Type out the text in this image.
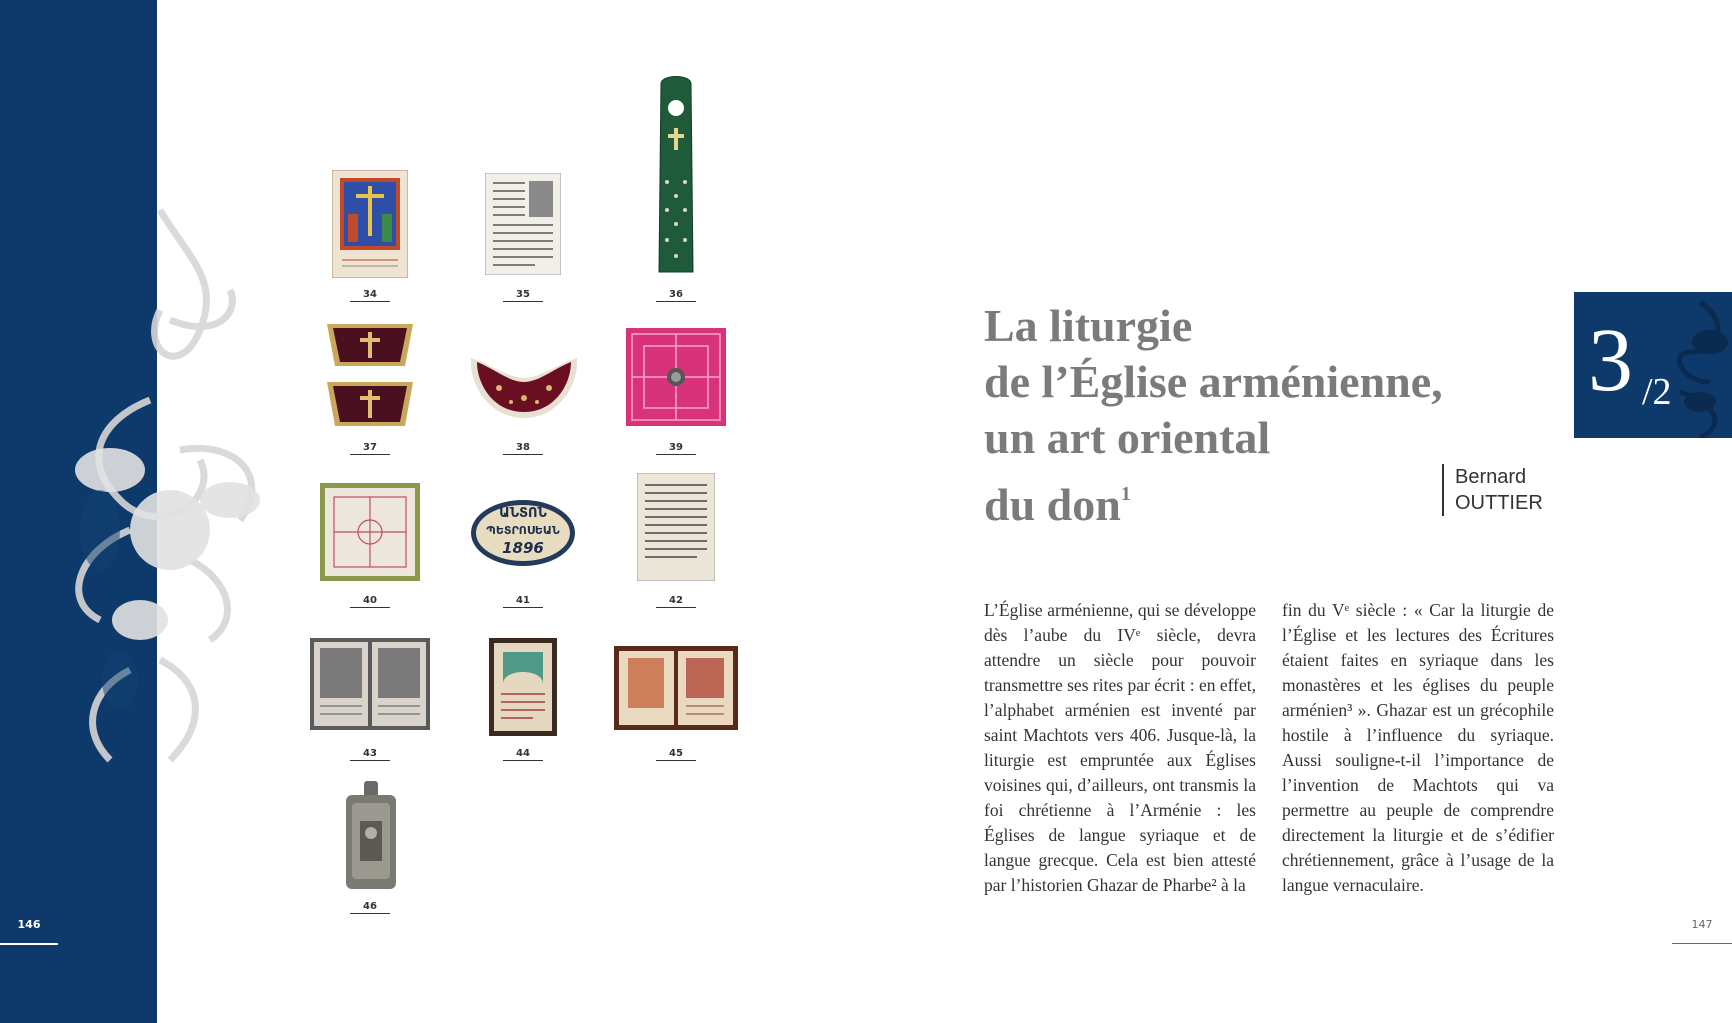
34	35	36
37	38	39
40
ԱՆՏՈՆ
ՊԵՏՐՈՍԵԱՆ
1896
41	42
43	44	45
46
La liturgie
de l’Église arménienne,
un art oriental
du don$^1$
Bernard
OUTTIER
3 /2
L’Église arménienne, qui se développe dès l’aube du IVᵉ siècle, devra attendre un siècle pour pouvoir transmettre ses rites par écrit : en effet, l’alphabet arménien est inventé par saint Machtots vers 406. Jusque-là, la liturgie est empruntée aux Églises voisines qui, d’ailleurs, ont transmis la foi chrétienne à l’Arménie : les Églises de langue syriaque et de langue grecque. Cela est bien attesté par l’historien Ghazar de Pharbe² à la
fin du Vᵉ siècle : « Car la liturgie de l’Église et les lectures des Écritures étaient faites en syriaque dans les monastères et les églises du peuple arménien³ ». Ghazar est un grécophile hostile à l’influence du syriaque. Aussi souligne-t-il l’importance de l’invention de Machtots qui va permettre au peuple de comprendre directement la liturgie et de s’édifier chrétiennement, grâce à l’usage de la langue vernaculaire.
146	147
